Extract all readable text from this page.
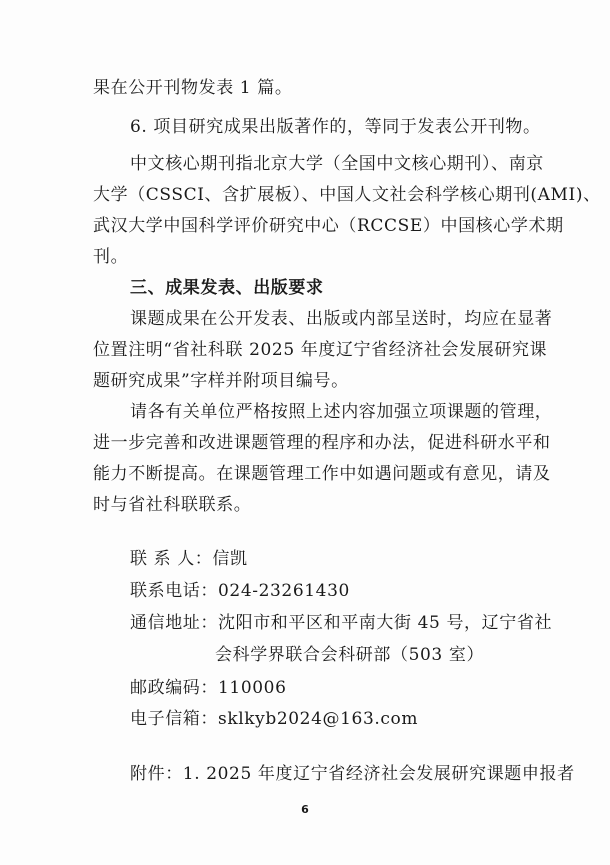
果在公开刊物发表 1 篇。
6. 项目研究成果出版著作的，等同于发表公开刊物。
中文核心期刊指北京大学（全国中文核心期刊）、南京
大学（CSSCI、含扩展板）、中国人文社会科学核心期刊(AMI)、
武汉大学中国科学评价研究中心（RCCSE）中国核心学术期
刊。
三、成果发表、出版要求
课题成果在公开发表、出版或内部呈送时，均应在显著
位置注明“省社科联 2025 年度辽宁省经济社会发展研究课
题研究成果”字样并附项目编号。
请各有关单位严格按照上述内容加强立项课题的管理，
进一步完善和改进课题管理的程序和办法，促进科研水平和
能力不断提高。在课题管理工作中如遇问题或有意见，请及
时与省社科联联系。
联 系 人：信凯
联系电话：024-23261430
通信地址：沈阳市和平区和平南大街 45 号，辽宁省社
会科学界联合会科研部（503 室）
邮政编码：110006
电子信箱：sklkyb2024@163.com
附件：1. 2025 年度辽宁省经济社会发展研究课题申报者
6
